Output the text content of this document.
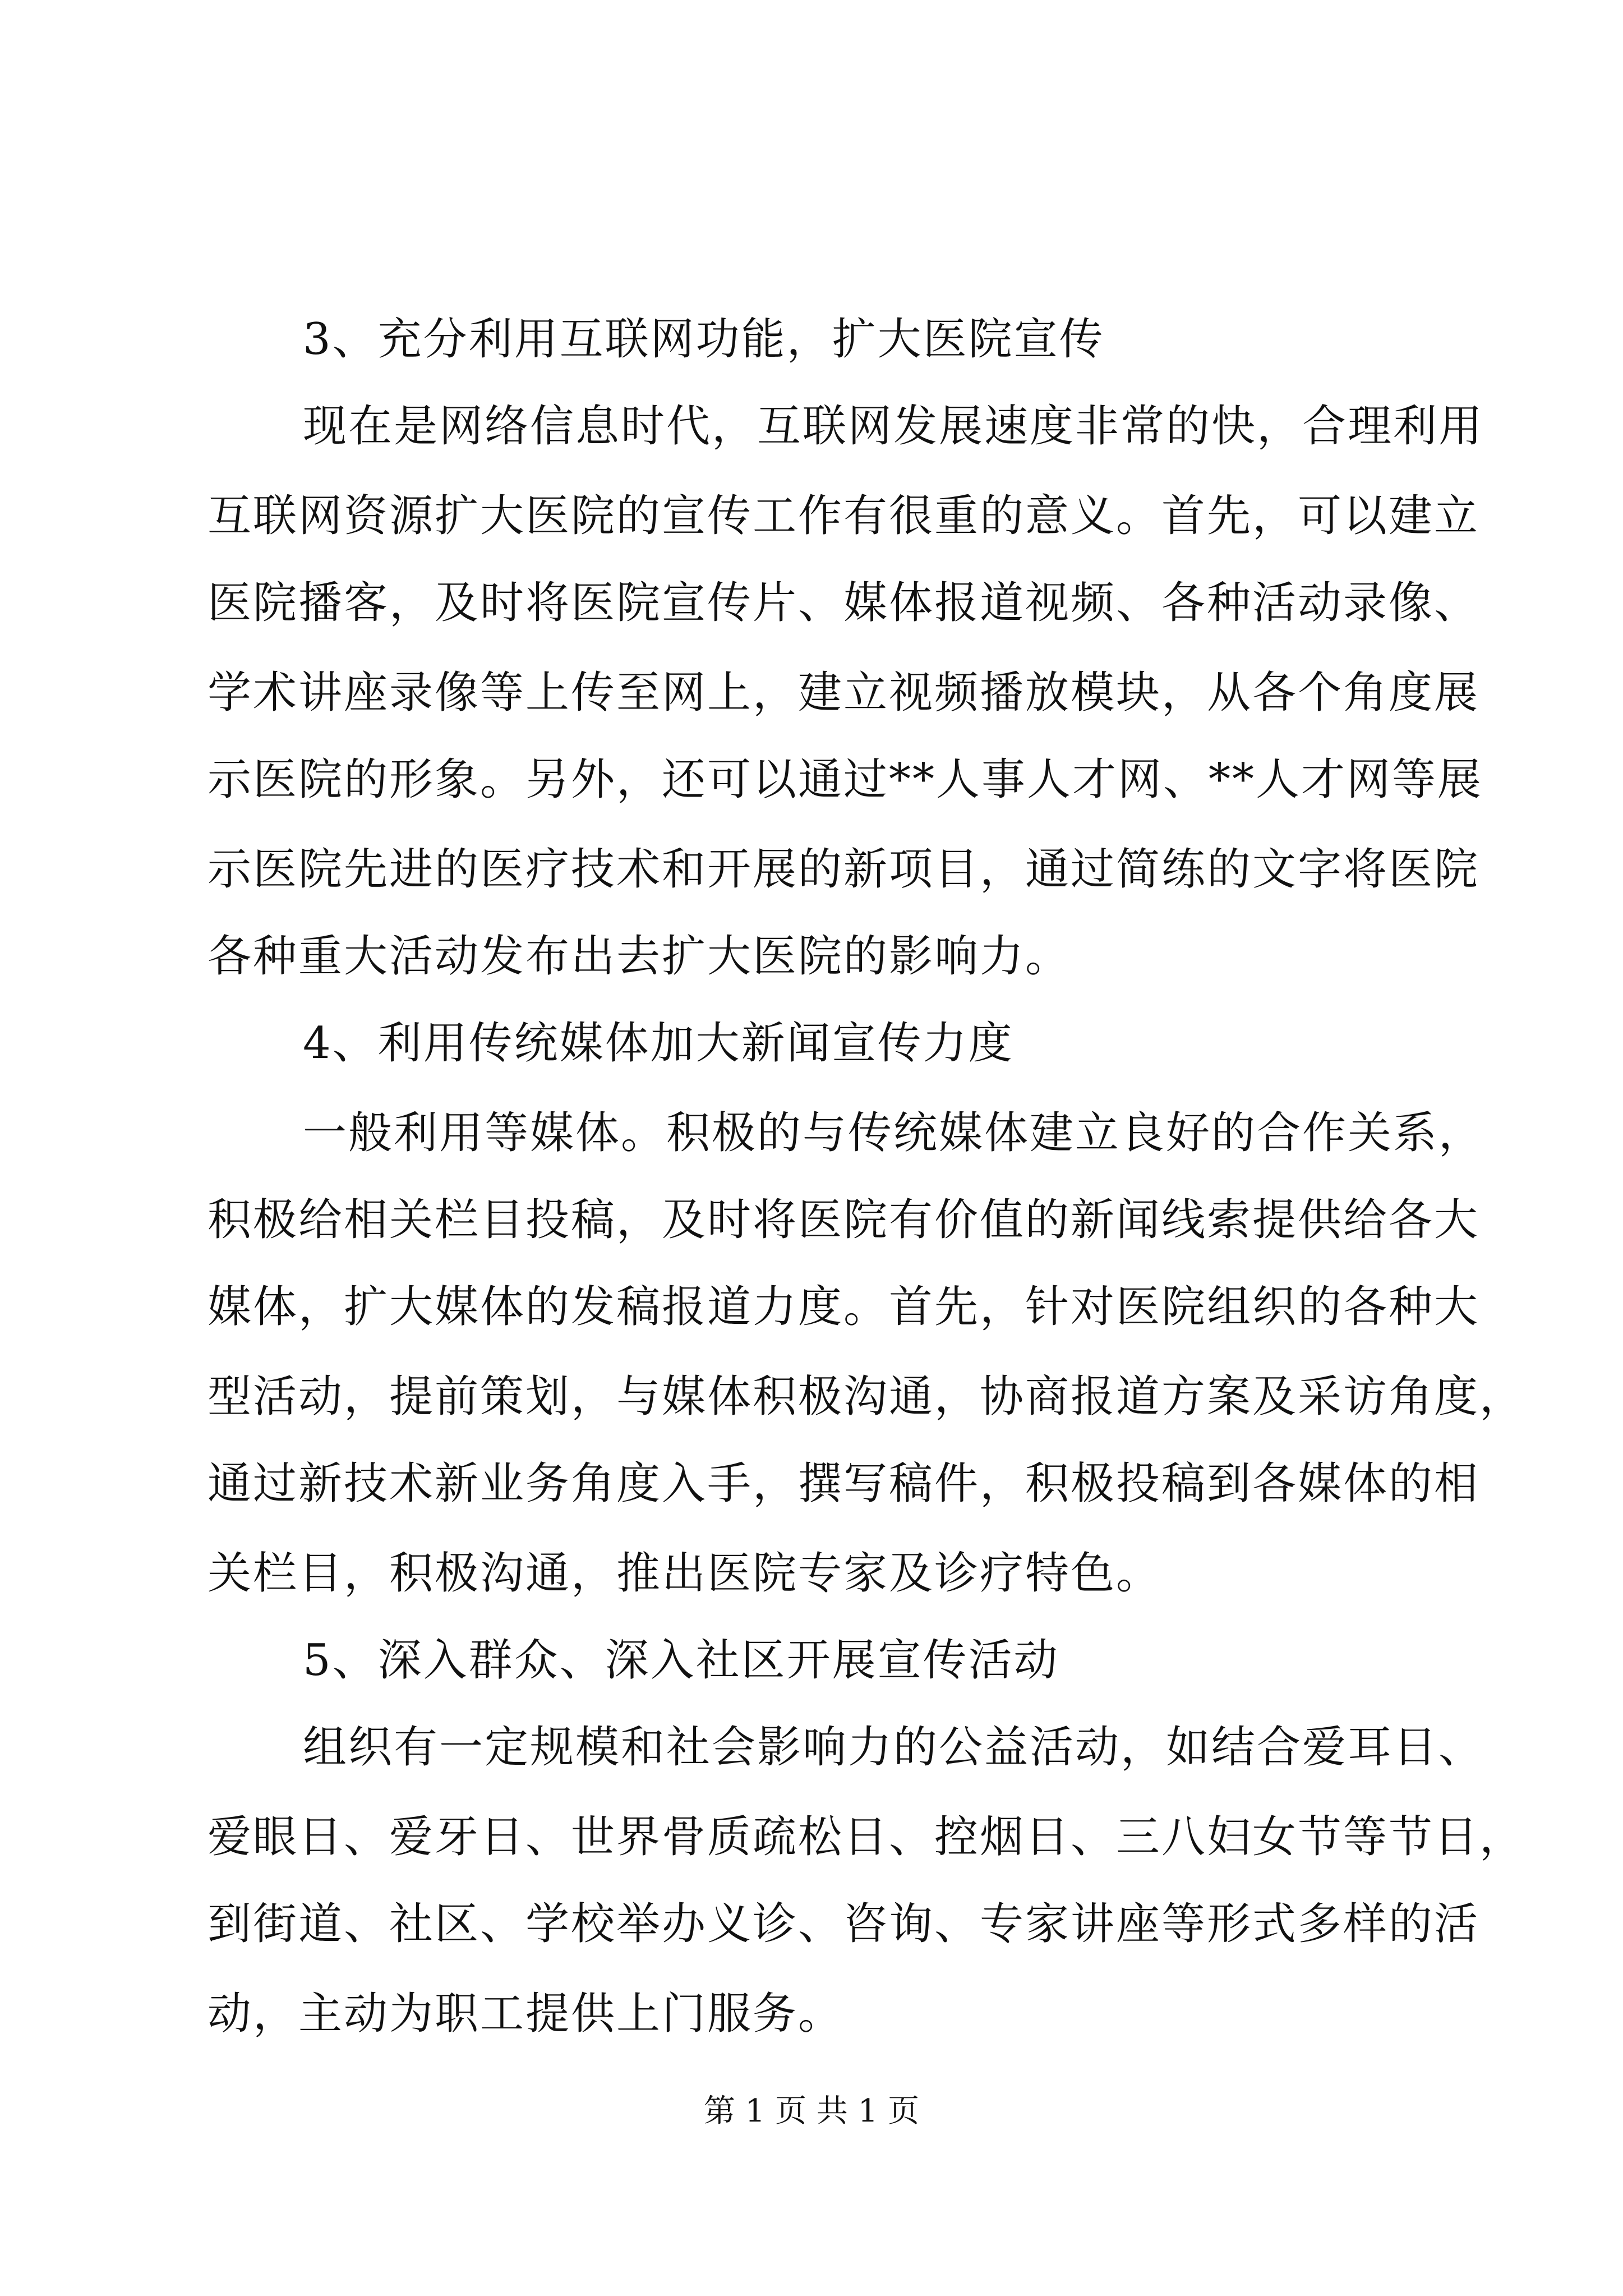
3、充分利用互联网功能，扩大医院宣传
现在是网络信息时代，互联网发展速度非常的快，合理利用
互联网资源扩大医院的宣传工作有很重的意义。首先，可以建立
医院播客，及时将医院宣传片、媒体报道视频、各种活动录像、
学术讲座录像等上传至网上，建立视频播放模块，从各个角度展
示医院的形象。另外，还可以通过**人事人才网、**人才网等展
示医院先进的医疗技术和开展的新项目，通过简练的文字将医院
各种重大活动发布出去扩大医院的影响力。
4、利用传统媒体加大新闻宣传力度
一般利用等媒体。积极的与传统媒体建立良好的合作关系，
积极给相关栏目投稿，及时将医院有价值的新闻线索提供给各大
媒体，扩大媒体的发稿报道力度。首先，针对医院组织的各种大
型活动，提前策划，与媒体积极沟通，协商报道方案及采访角度，
通过新技术新业务角度入手，撰写稿件，积极投稿到各媒体的相
关栏目，积极沟通，推出医院专家及诊疗特色。
5、深入群众、深入社区开展宣传活动
组织有一定规模和社会影响力的公益活动，如结合爱耳日、
爱眼日、爱牙日、世界骨质疏松日、控烟日、三八妇女节等节日，
到街道、社区、学校举办义诊、咨询、专家讲座等形式多样的活
动，主动为职工提供上门服务。
第 1 页 共 1 页
